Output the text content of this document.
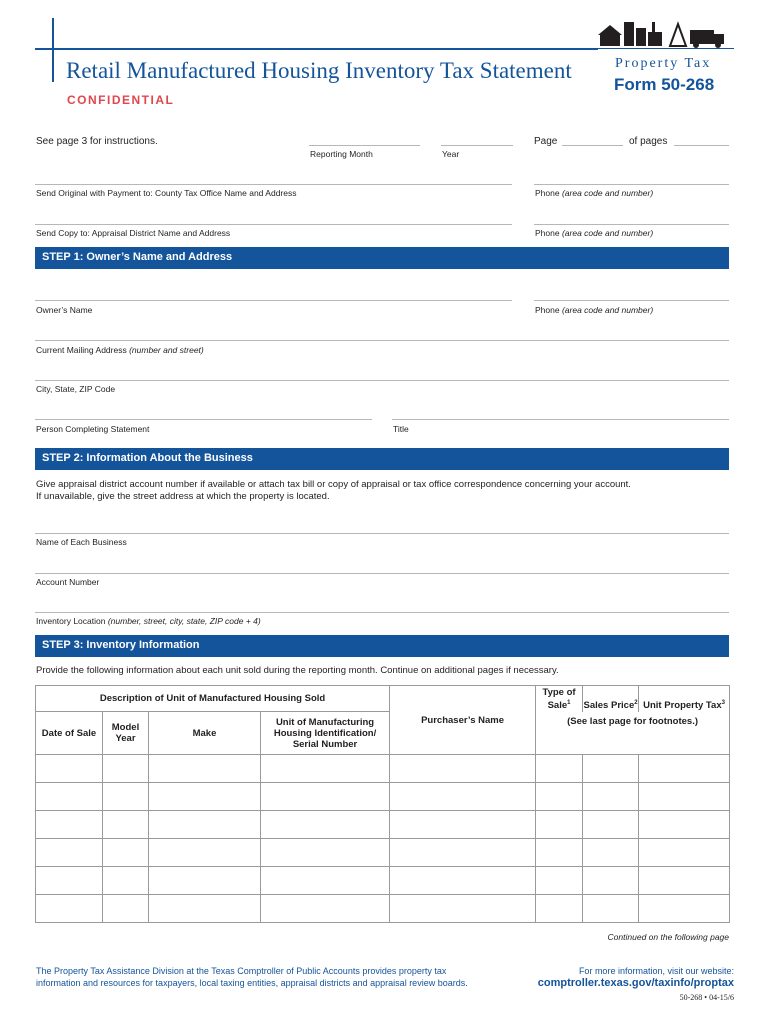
Retail Manufactured Housing Inventory Tax Statement
CONFIDENTIAL
Property Tax
Form 50-268
See page 3 for instructions.
Reporting Month	Year
Page	of pages
Send Original with Payment to: County Tax Office Name and Address	Phone (area code and number)
Send Copy to: Appraisal District Name and Address	Phone (area code and number)
STEP 1: Owner’s Name and Address
Owner’s Name	Phone (area code and number)
Current Mailing Address (number and street)
City, State, ZIP Code
Person Completing Statement	Title
STEP 2: Information About the Business
Give appraisal district account number if available or attach tax bill or copy of appraisal or tax office correspondence concerning your account.
If unavailable, give the street address at which the property is located.
Name of Each Business
Account Number
Inventory Location (number, street, city, state, ZIP code + 4)
STEP 3: Inventory Information
Provide the following information about each unit sold during the reporting month. Continue on additional pages if necessary.
Description of Unit of Manufactured Housing Sold				Purchaser’s Name	Type of Sale$^1$	Sales Price$^2$	Unit Property Tax$^3$
Date of Sale	Model Year	Make	Unit of Manufacturing Housing Identification/ Serial Number		(See last page for footnotes.)		

Continued on the following page
The Property Tax Assistance Division at the Texas Comptroller of Public Accounts provides property tax
information and resources for taxpayers, local taxing entities, appraisal districts and appraisal review boards.
For more information, visit our website:
comptroller.texas.gov/taxinfo/proptax
50-268 • 04-15/6
